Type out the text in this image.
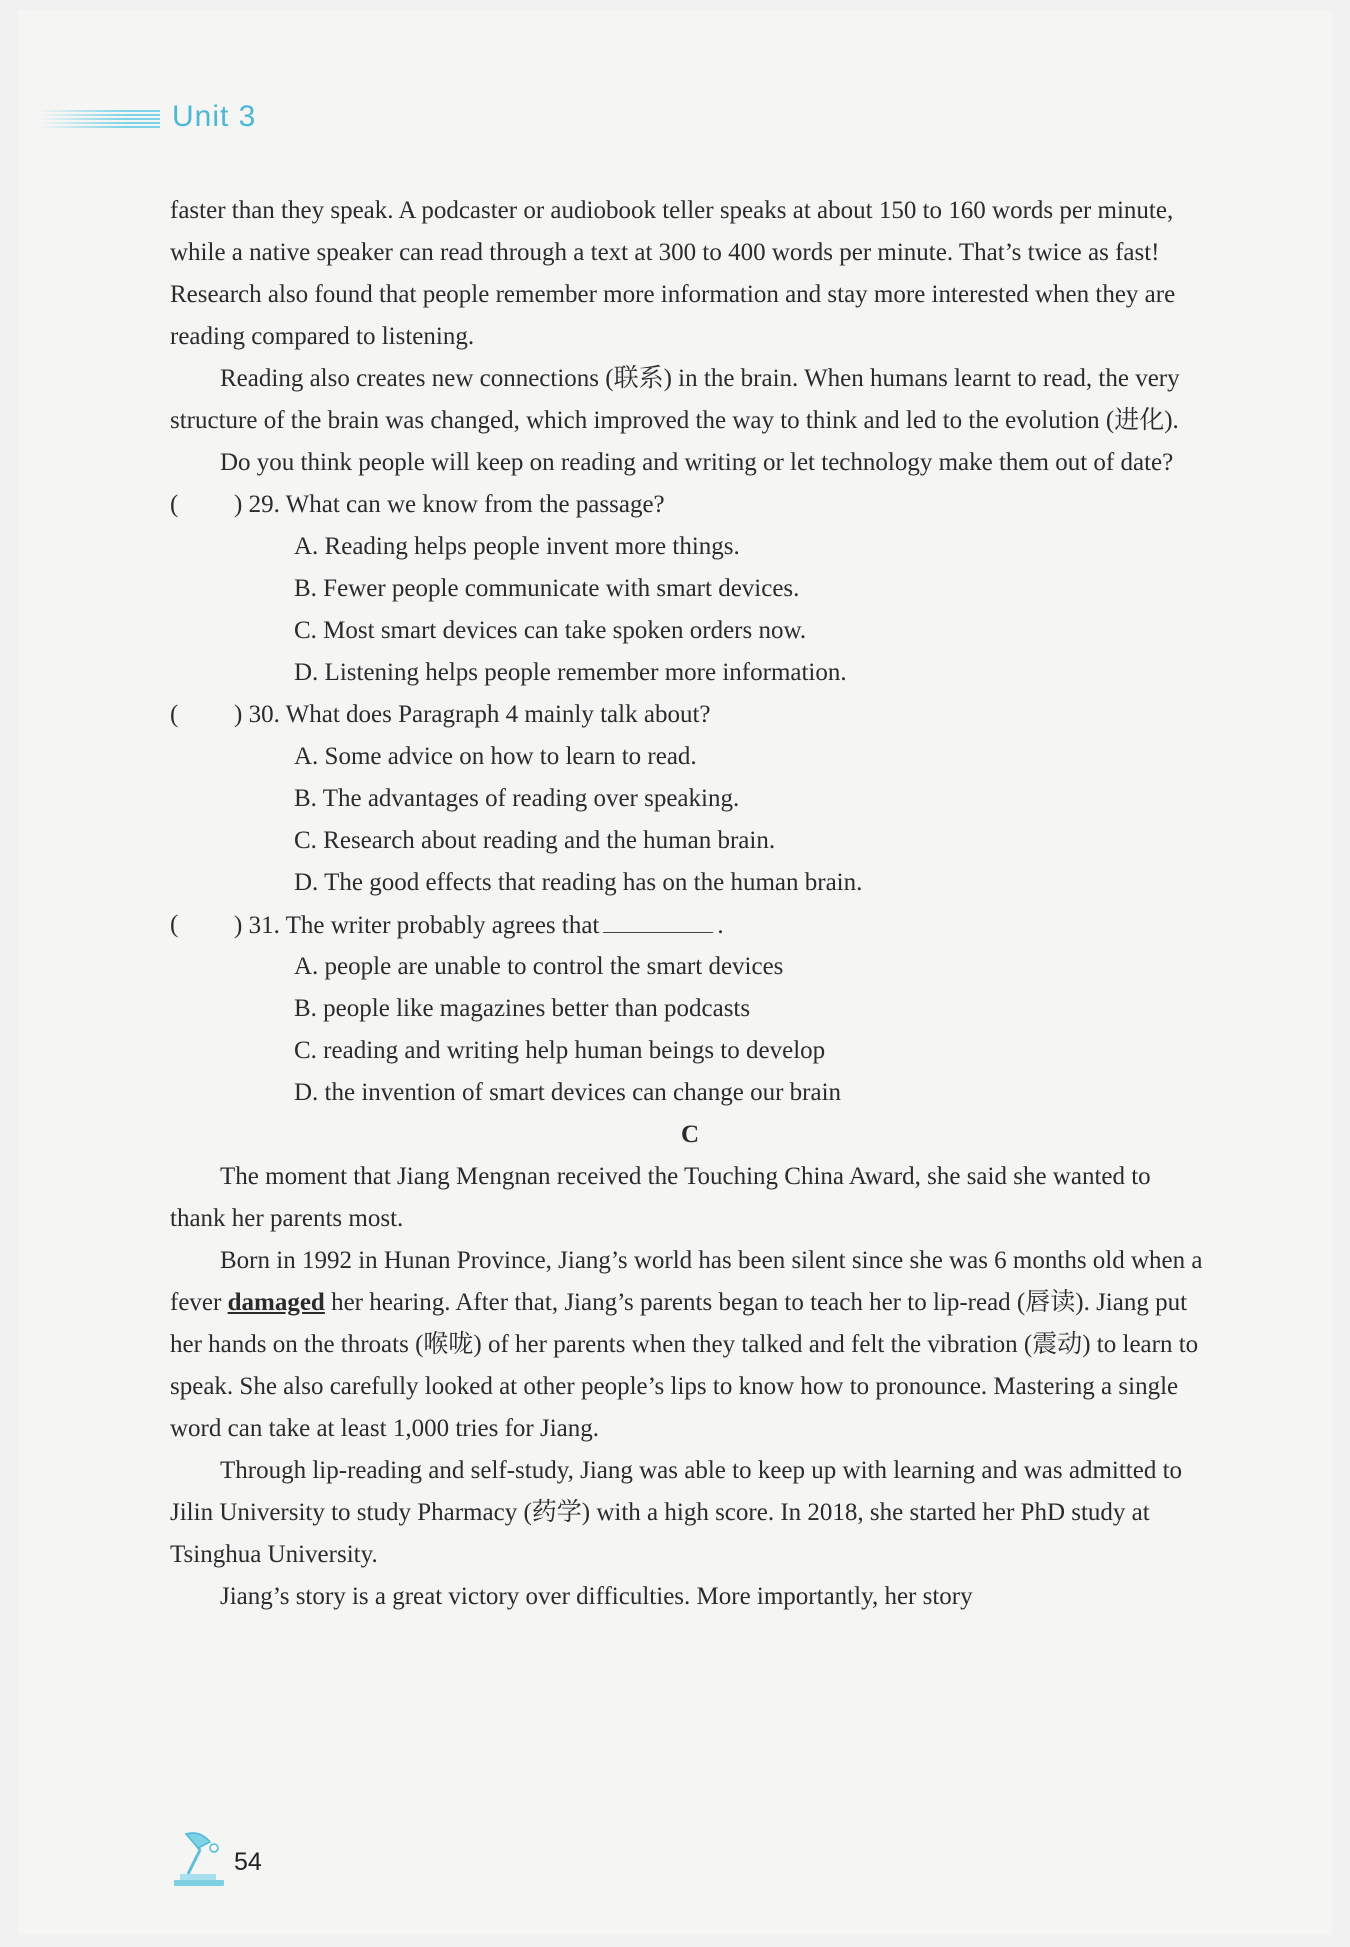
Unit 3

faster than they speak. A podcaster or audiobook teller speaks at about 150 to 160 words per minute, while a native speaker can read through a text at 300 to 400 words per minute. That’s twice as fast! Research also found that people remember more information and stay more interested when they are reading compared to listening.

Reading also creates new connections (联系) in the brain. When humans learnt to read, the very structure of the brain was changed, which improved the way to think and led to the evolution (进化).

Do you think people will keep on reading and writing or let technology make them out of date?

( ) 29. What can we know from the passage?

A. Reading helps people invent more things.

B. Fewer people communicate with smart devices.

C. Most smart devices can take spoken orders now.

D. Listening helps people remember more information.

( ) 30. What does Paragraph 4 mainly talk about?

A. Some advice on how to learn to read.

B. The advantages of reading over speaking.

C. Research about reading and the human brain.

D. The good effects that reading has on the human brain.

( ) 31. The writer probably agrees that	.

A. people are unable to control the smart devices

B. people like magazines better than podcasts

C. reading and writing help human beings to develop

D. the invention of smart devices can change our brain

C

The moment that Jiang Mengnan received the Touching China Award, she said she wanted to thank her parents most.

Born in 1992 in Hunan Province, Jiang’s world has been silent since she was 6 months old when a fever damaged her hearing. After that, Jiang’s parents began to teach her to lip-read (唇读). Jiang put her hands on the throats (喉咙) of her parents when they talked and felt the vibration (震动) to learn to speak. She also carefully looked at other people’s lips to know how to pronounce. Mastering a single word can take at least 1,000 tries for Jiang.

Through lip-reading and self-study, Jiang was able to keep up with learning and was admitted to Jilin University to study Pharmacy (药学) with a high score. In 2018, she started her PhD study at Tsinghua University.

Jiang’s story is a great victory over difficulties. More importantly, her story

54
